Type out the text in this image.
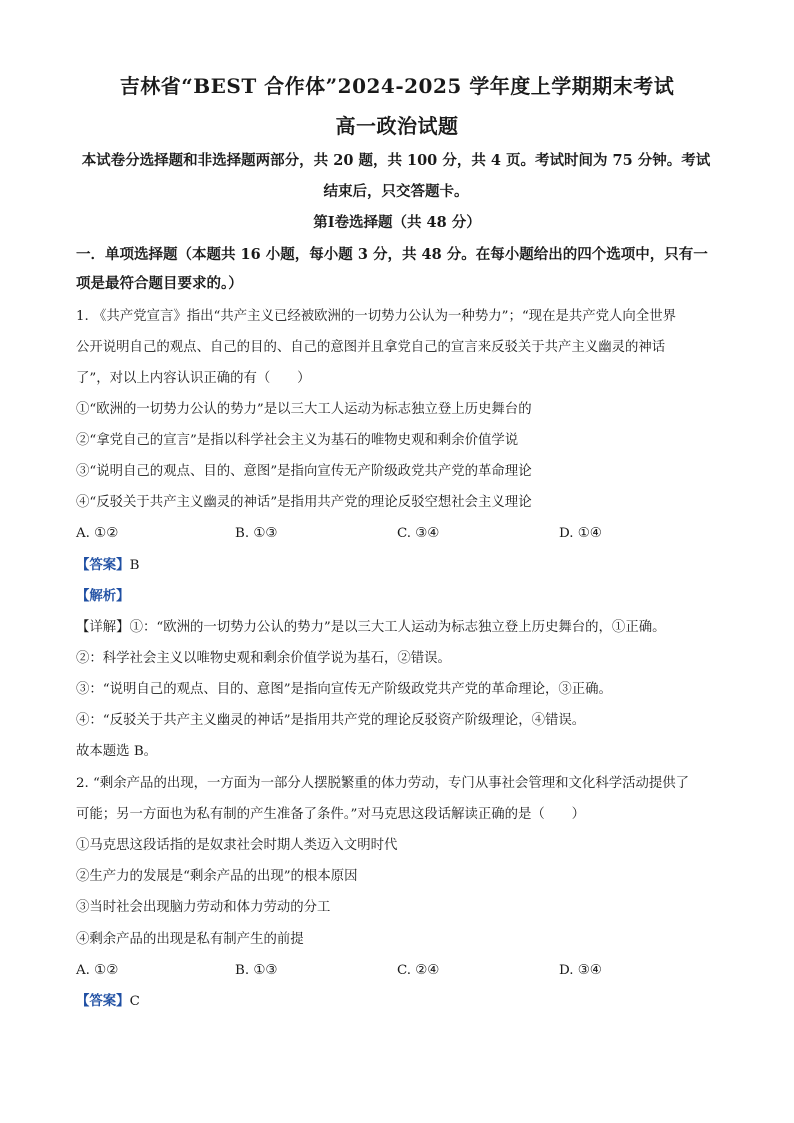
吉林省“BEST 合作体”2024-2025 学年度上学期期末考试
高一政治试题
本试卷分选择题和非选择题两部分，共 20 题，共 100 分，共 4 页。考试时间为 75 分钟。考试结束后，只交答题卡。
第Ⅰ卷选择题（共 48 分）
一．单项选择题（本题共 16 小题，每小题 3 分，共 48 分。在每小题给出的四个选项中，只有一项是最符合题目要求的。）
1. 《共产党宣言》指出“共产主义已经被欧洲的一切势力公认为一种势力”；“现在是共产党人向全世界
公开说明自己的观点、自己的目的、自己的意图并且拿党自己的宣言来反驳关于共产主义幽灵的神话
了”，对以上内容认识正确的有（　　）
①“欧洲的一切势力公认的势力”是以三大工人运动为标志独立登上历史舞台的
②“拿党自己的宣言”是指以科学社会主义为基石的唯物史观和剩余价值学说
③“说明自己的观点、目的、意图”是指向宣传无产阶级政党共产党的革命理论
④“反驳关于共产主义幽灵的神话”是指用共产党的理论反驳空想社会主义理论
A. ①②	B. ①③	C. ③④	D. ①④
【答案】B
【解析】
【详解】①：“欧洲的一切势力公认的势力”是以三大工人运动为标志独立登上历史舞台的，①正确。
②：科学社会主义以唯物史观和剩余价值学说为基石，②错误。
③：“说明自己的观点、目的、意图”是指向宣传无产阶级政党共产党的革命理论，③正确。
④：“反驳关于共产主义幽灵的神话”是指用共产党的理论反驳资产阶级理论，④错误。
故本题选 B。
2. “剩余产品的出现，一方面为一部分人摆脱繁重的体力劳动，专门从事社会管理和文化科学活动提供了
可能；另一方面也为私有制的产生准备了条件。”对马克思这段话解读正确的是（　　）
①马克思这段话指的是奴隶社会时期人类迈入文明时代
②生产力的发展是“剩余产品的出现”的根本原因
③当时社会出现脑力劳动和体力劳动的分工
④剩余产品的出现是私有制产生的前提
A. ①②	B. ①③	C. ②④	D. ③④
【答案】C
